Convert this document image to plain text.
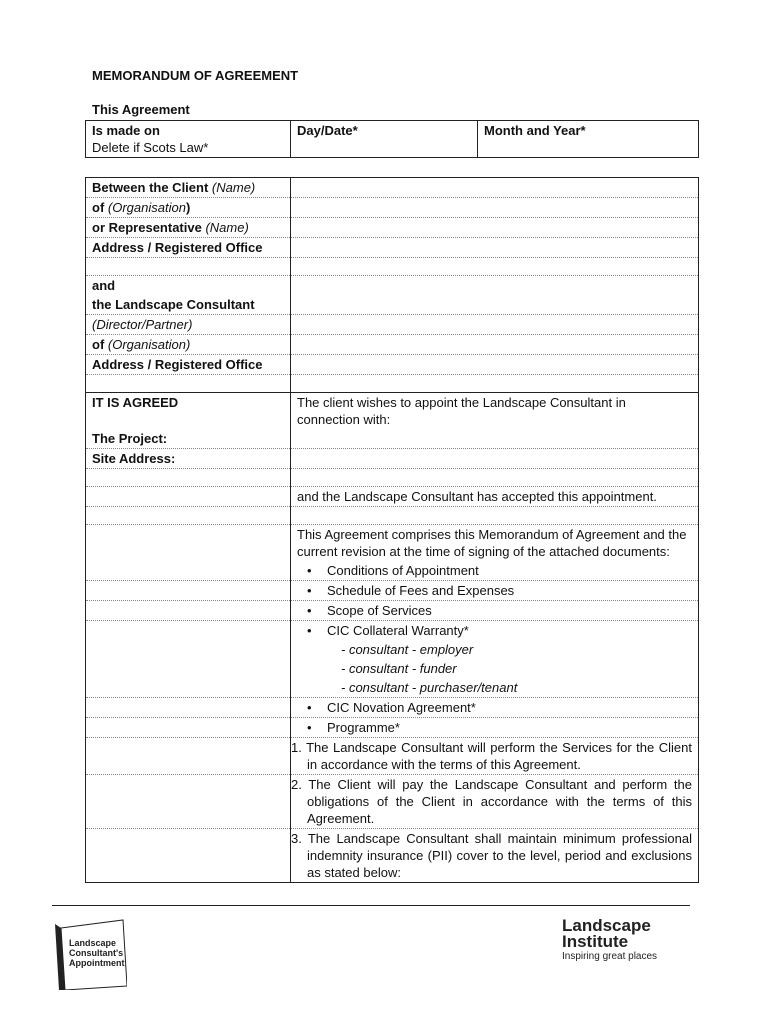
MEMORANDUM OF AGREEMENT
This Agreement
Is made on
Delete if Scots Law*
	Day/Date*	Month and Year*
Between the Client (Name)	
of (Organisation)	
or Representative (Name)	
Address / Registered Office	

and	
the Landscape Consultant	
(Director/Partner)	
of (Organisation)	
Address / Registered Office	

IT IS AGREED	The client wishes to appoint the Landscape Consultant in connection with:
The Project:	
Site Address:	

	and the Landscape Consultant has accepted this appointment.

	This Agreement comprises this Memorandum of Agreement and the current revision at the time of signing of the attached documents:
	• Conditions of Appointment
	• Schedule of Fees and Expenses
	• Scope of Services
	• CIC Collateral Warranty*
	- consultant - employer
	- consultant - funder
	- consultant - purchaser/tenant
	• CIC Novation Agreement*
	• Programme*
	1. The Landscape Consultant will perform the Services for the Client in accordance with the terms of this Agreement.
	2. The Client will pay the Landscape Consultant and perform the obligations of the Client in accordance with the terms of this Agreement.
	3. The Landscape Consultant shall maintain minimum professional indemnity insurance (PII) cover to the level, period and exclusions as stated below:
Landscape
Consultant's
Appointment
Landscape
Institute
Inspiring great places
